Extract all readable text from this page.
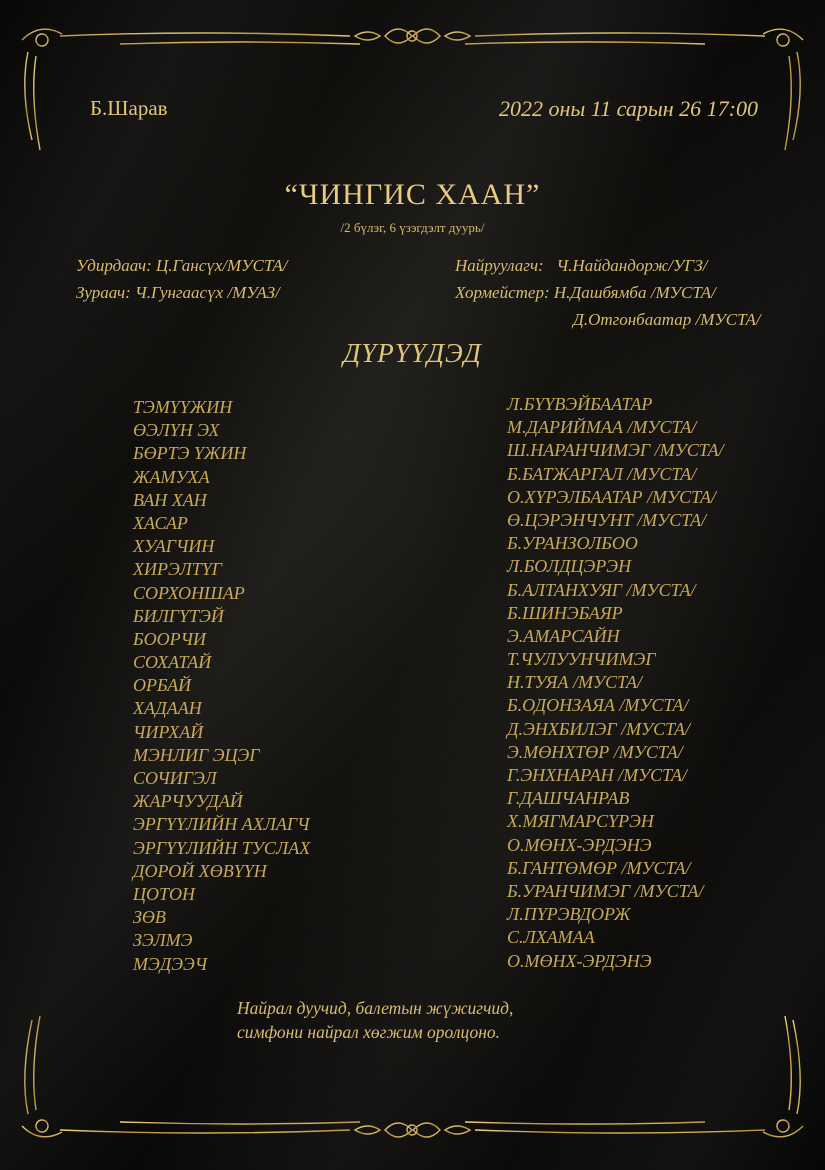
Б.Шарав	2022 оны 11 сарын 26 17:00
“ЧИНГИС ХААН”
/2 бүлэг, 6 үзэгдэлт дуурь/
Удирдаач: Ц.Гансүх/МУСТА/
Зураач: Ч.Гунгаасүх /МУАЗ/
Найруулагч:   Ч.Найдандорж/УГЗ/
Хормейстер: Н.Дашбямба /МУСТА/
Д.Отгонбаатар /МУСТА/
ДҮРҮҮДЭД
ТЭМҮҮЖИН
ӨЭЛҮН ЭХ
БӨРТЭ ҮЖИН
ЖАМУХА
ВАН ХАН
ХАСАР
ХУАГЧИН
ХИРЭЛТҮГ
СОРХОНШАР
БИЛГҮТЭЙ
БООРЧИ
СОХАТАЙ
ОРБАЙ
ХАДААН
ЧИРХАЙ
МЭНЛИГ ЭЦЭГ
СОЧИГЭЛ
ЖАРЧУУДАЙ
ЭРГҮҮЛИЙН АХЛАГЧ
ЭРГҮҮЛИЙН ТУСЛАХ
ДОРОЙ ХӨВҮҮН
ЦОТОН
ЗӨВ
ЗЭЛМЭ
МЭДЭЭЧ
Л.БҮҮВЭЙБААТАР
М.ДАРИЙМАА /МУСТА/
Ш.НАРАНЧИМЭГ /МУСТА/
Б.БАТЖАРГАЛ /МУСТА/
О.ХҮРЭЛБААТАР /МУСТА/
Ө.ЦЭРЭНЧУНТ /МУСТА/
Б.УРАНЗОЛБОО
Л.БОЛДЦЭРЭН
Б.АЛТАНХУЯГ /МУСТА/
Б.ШИНЭБАЯР
Э.АМАРСАЙН
Т.ЧУЛУУНЧИМЭГ
Н.ТУЯА /МУСТА/
Б.ОДОНЗАЯА /МУСТА/
Д.ЭНХБИЛЭГ /МУСТА/
Э.МӨНХТӨР /МУСТА/
Г.ЭНХНАРАН /МУСТА/
Г.ДАШЧАНРАВ
Х.МЯГМАРСҮРЭН
О.МӨНХ-ЭРДЭНЭ
Б.ГАНТӨМӨР /МУСТА/
Б.УРАНЧИМЭГ /МУСТА/
Л.ПҮРЭВДОРЖ
С.ЛХАМАА
О.МӨНХ-ЭРДЭНЭ
Найрал дуучид, балетын жүжигчид,
симфони найрал хөгжим оролцоно.
